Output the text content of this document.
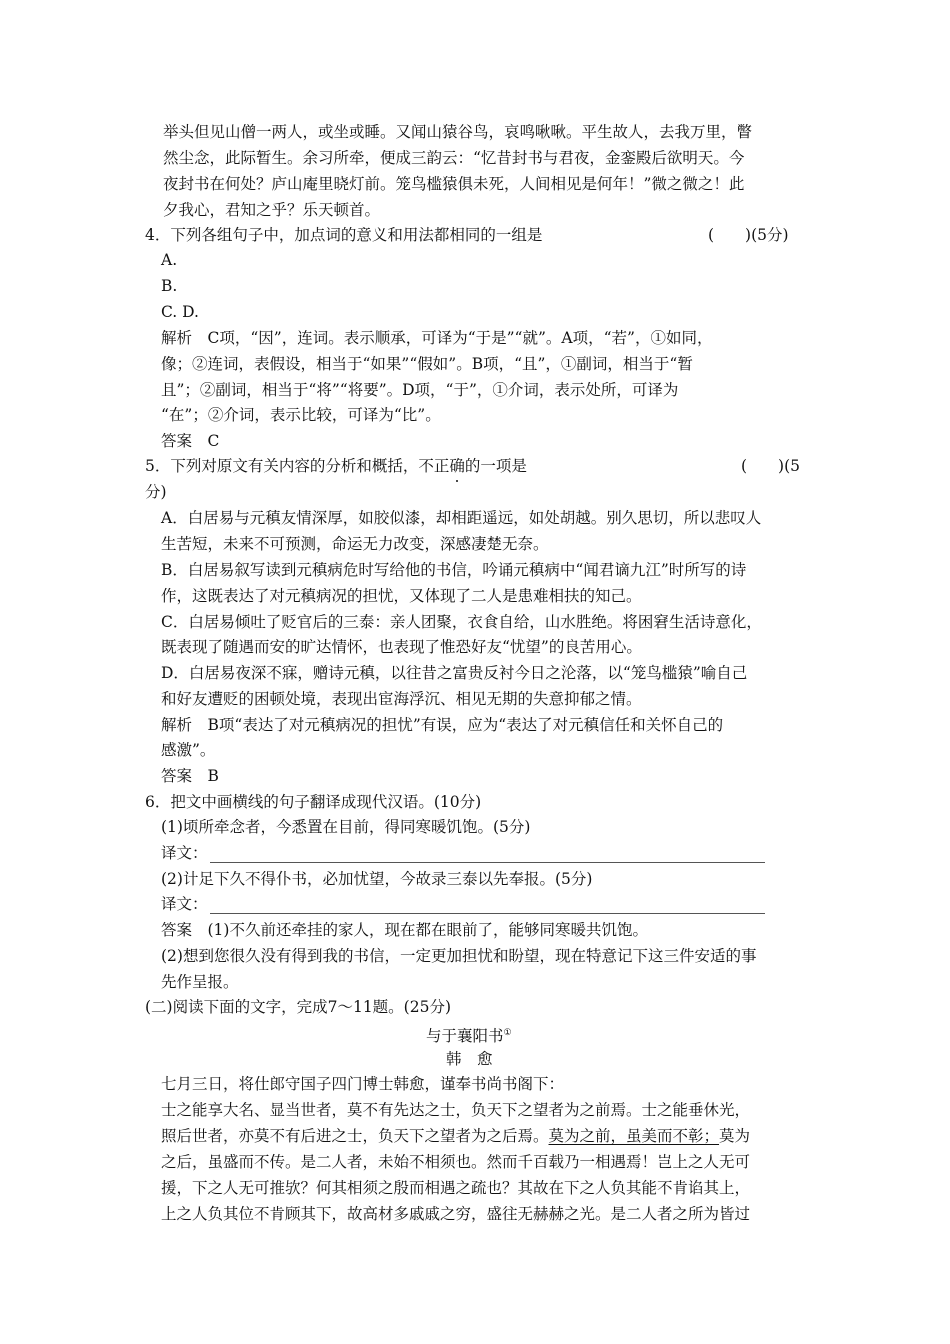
举头但见山僧一两人，或坐或睡。又闻山猿谷鸟，哀鸣啾啾。平生故人，去我万里，瞥
然尘念，此际暂生。余习所牵，便成三韵云：“忆昔封书与君夜，金銮殿后欲明天。今
夜封书在何处？庐山庵里晓灯前。笼鸟槛猿俱未死，人间相见是何年！”微之微之！此
夕我心，君知之乎？乐天顿首。
4．下列各组句子中，加点词的意义和用法都相同的一组是	(　　)(5分)
A.
B.
C. D.
解析　C项，“因”，连词。表示顺承，可译为“于是”“就”。A项，“若”，①如同，
像；②连词，表假设，相当于“如果”“假如”。B项，“且”，①副词，相当于“暂
且”；②副词，相当于“将”“将要”。D项，“于”，①介词，表示处所，可译为
“在”；②介词，表示比较，可译为“比”。
答案　C
5．下列对原文有关内容的分析和概括，不正确的一项是	(　　)(5
分)
A．白居易与元稹友情深厚，如胶似漆，却相距遥远，如处胡越。别久思切，所以悲叹人
生苦短，未来不可预测，命运无力改变，深感凄楚无奈。
B．白居易叙写读到元稹病危时写给他的书信，吟诵元稹病中“闻君谪九江”时所写的诗
作，这既表达了对元稹病况的担忧，又体现了二人是患难相扶的知己。
C．白居易倾吐了贬官后的三泰：亲人团聚，衣食自给，山水胜绝。将困窘生活诗意化，
既表现了随遇而安的旷达情怀，也表现了惟恐好友“忧望”的良苦用心。
D．白居易夜深不寐，赠诗元稹，以往昔之富贵反衬今日之沦落，以“笼鸟槛猿”喻自己
和好友遭贬的困顿处境，表现出宦海浮沉、相见无期的失意抑郁之情。
解析　B项“表达了对元稹病况的担忧”有误，应为“表达了对元稹信任和关怀自己的
感激”。
答案　B
6．把文中画横线的句子翻译成现代汉语。(10分)
(1)顷所牵念者，今悉置在目前，得同寒暖饥饱。(5分)
译文：
(2)计足下久不得仆书，必加忧望，今故录三泰以先奉报。(5分)
译文：
答案　(1)不久前还牵挂的家人，现在都在眼前了，能够同寒暖共饥饱。
(2)想到您很久没有得到我的书信，一定更加担忧和盼望，现在特意记下这三件安适的事
先作呈报。
(二)阅读下面的文字，完成7～11题。(25分)
与于襄阳书①
韩　愈
七月三日，将仕郎守国子四门博士韩愈，谨奉书尚书阁下：
士之能享大名、显当世者，莫不有先达之士，负天下之望者为之前焉。士之能垂休光，
照后世者，亦莫不有后进之士，负天下之望者为之后焉。莫为之前，虽美而不彰；莫为
之后，虽盛而不传。是二人者，未始不相须也。然而千百载乃一相遇焉！岂上之人无可
援，下之人无可推欤？何其相须之殷而相遇之疏也？其故在下之人负其能不肯谄其上，
上之人负其位不肯顾其下，故高材多戚戚之穷，盛往无赫赫之光。是二人者之所为皆过
